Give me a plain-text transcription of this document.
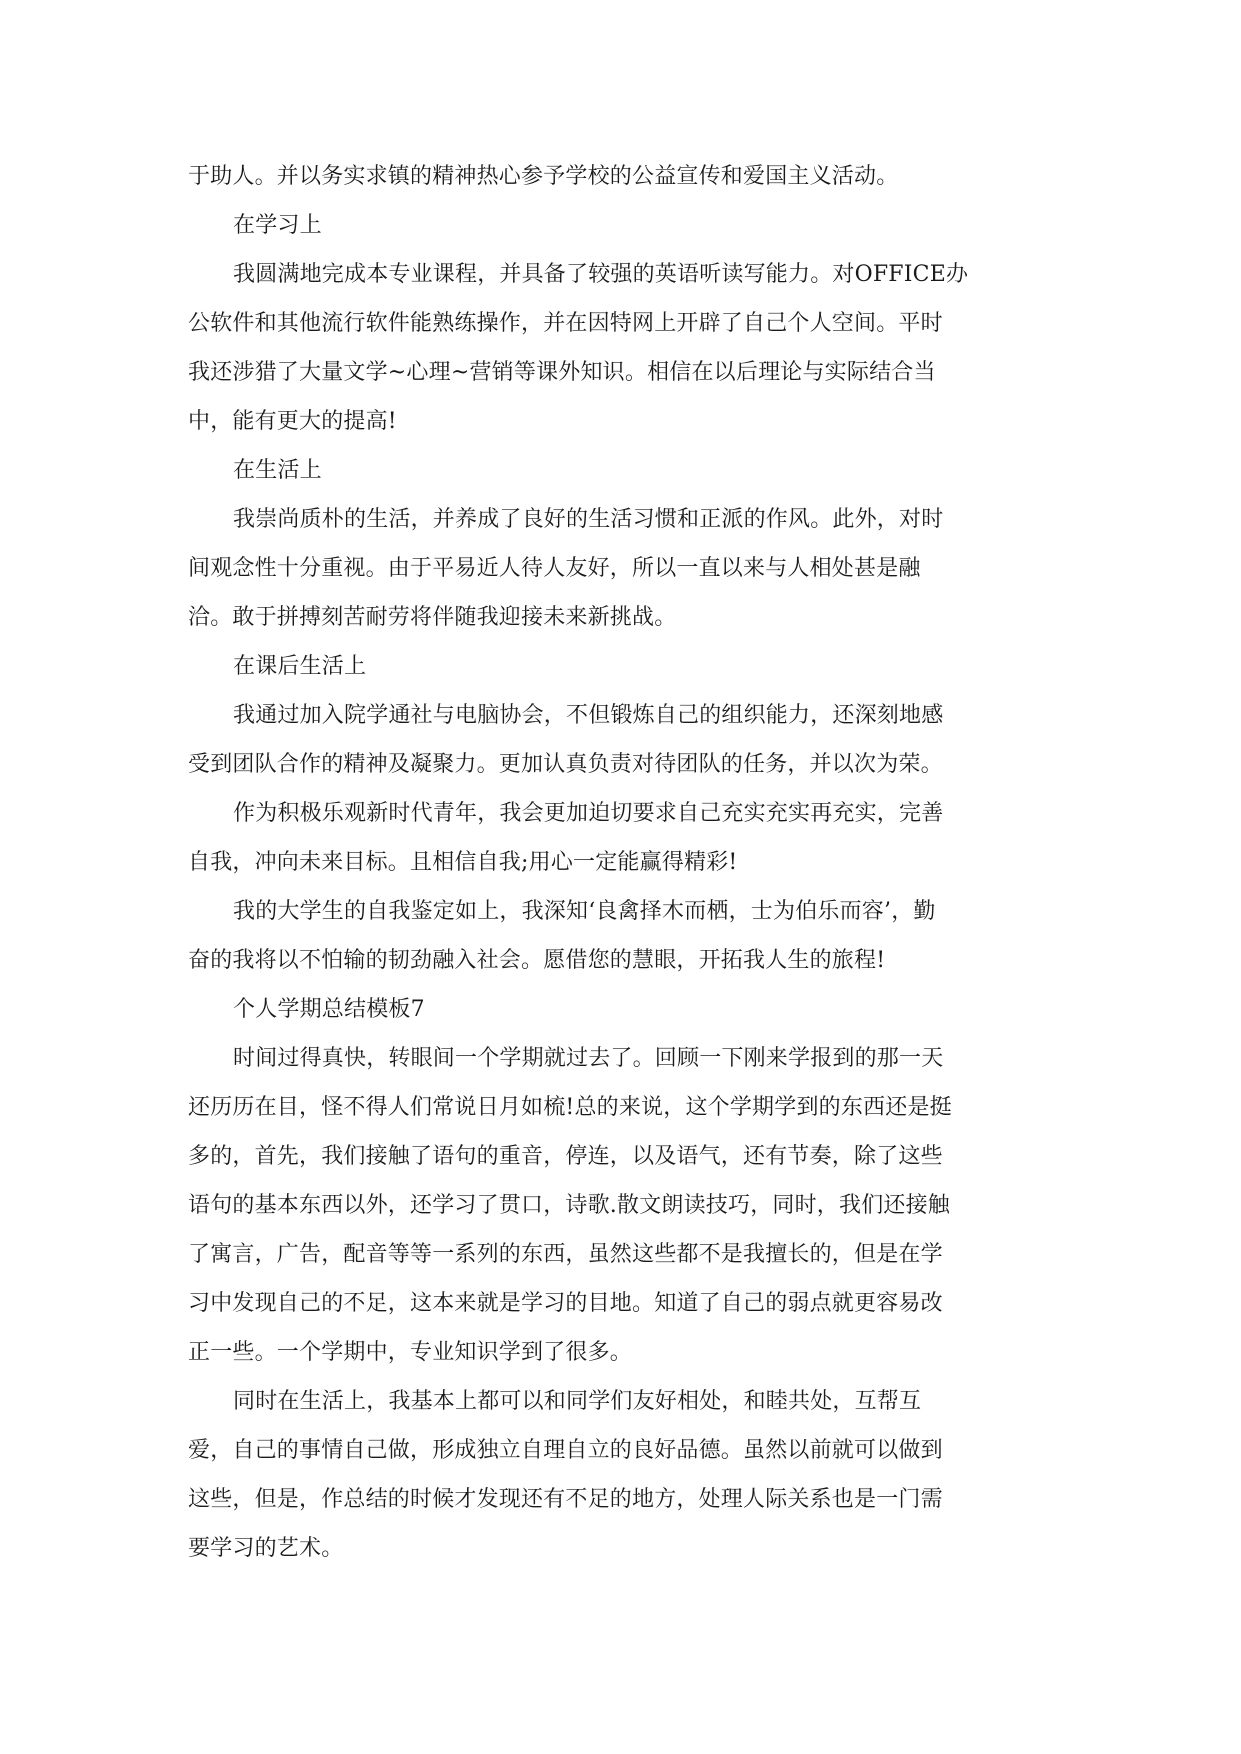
于助人。并以务实求镇的精神热心参予学校的公益宣传和爱国主义活动。
在学习上
我圆满地完成本专业课程，并具备了较强的英语听读写能力。对OFFICE办
公软件和其他流行软件能熟练操作，并在因特网上开辟了自己个人空间。平时
我还涉猎了大量文学~心理~营销等课外知识。相信在以后理论与实际结合当
中，能有更大的提高!
在生活上
我崇尚质朴的生活，并养成了良好的生活习惯和正派的作风。此外，对时
间观念性十分重视。由于平易近人待人友好，所以一直以来与人相处甚是融
洽。敢于拼搏刻苦耐劳将伴随我迎接未来新挑战。
在课后生活上
我通过加入院学通社与电脑协会，不但锻炼自己的组织能力，还深刻地感
受到团队合作的精神及凝聚力。更加认真负责对待团队的任务，并以次为荣。
作为积极乐观新时代青年，我会更加迫切要求自己充实充实再充实，完善
自我，冲向未来目标。且相信自我;用心一定能赢得精彩!
我的大学生的自我鉴定如上，我深知‘良禽择木而栖，士为伯乐而容’，勤
奋的我将以不怕输的韧劲融入社会。愿借您的慧眼，开拓我人生的旅程!
个人学期总结模板7
时间过得真快，转眼间一个学期就过去了。回顾一下刚来学报到的那一天
还历历在目，怪不得人们常说日月如梳!总的来说，这个学期学到的东西还是挺
多的，首先，我们接触了语句的重音，停连，以及语气，还有节奏，除了这些
语句的基本东西以外，还学习了贯口，诗歌.散文朗读技巧，同时，我们还接触
了寓言，广告，配音等等一系列的东西，虽然这些都不是我擅长的，但是在学
习中发现自己的不足，这本来就是学习的目地。知道了自己的弱点就更容易改
正一些。一个学期中，专业知识学到了很多。
同时在生活上，我基本上都可以和同学们友好相处，和睦共处，互帮互
爱，自己的事情自己做，形成独立自理自立的良好品德。虽然以前就可以做到
这些，但是，作总结的时候才发现还有不足的地方，处理人际关系也是一门需
要学习的艺术。
